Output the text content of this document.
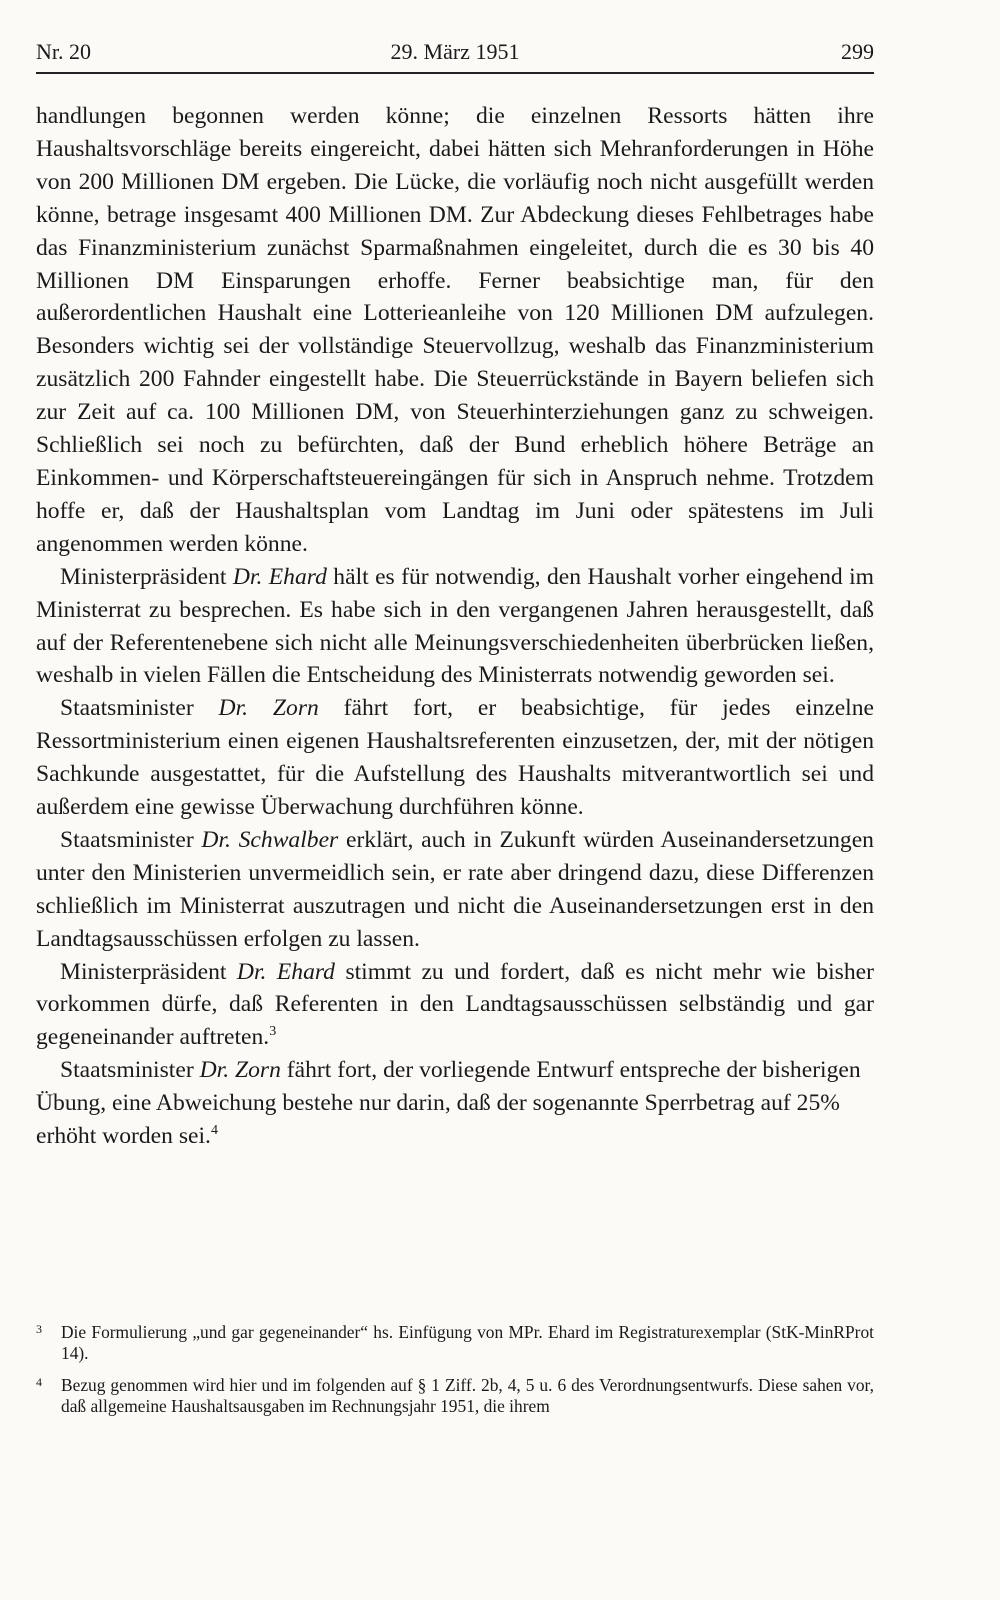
Nr. 20	29. März 1951	299

handlungen begonnen werden könne; die einzelnen Ressorts hätten ihre Haushaltsvorschläge bereits eingereicht, dabei hätten sich Mehranforderungen in Höhe von 200 Millionen DM ergeben. Die Lücke, die vorläufig noch nicht ausgefüllt werden könne, betrage insgesamt 400 Millionen DM. Zur Abdeckung dieses Fehlbetrages habe das Finanzministerium zunächst Sparmaßnahmen eingeleitet, durch die es 30 bis 40 Millionen DM Einsparungen erhoffe. Ferner beabsichtige man, für den außerordentlichen Haushalt eine Lotterieanleihe von 120 Millionen DM aufzulegen. Besonders wichtig sei der vollständige Steuervollzug, weshalb das Finanzministerium zusätzlich 200 Fahnder eingestellt habe. Die Steuerrückstände in Bayern beliefen sich zur Zeit auf ca. 100 Millionen DM, von Steuerhinterziehungen ganz zu schweigen. Schließlich sei noch zu befürchten, daß der Bund erheblich höhere Beträge an Einkommen- und Körperschaftsteuereingängen für sich in Anspruch nehme. Trotzdem hoffe er, daß der Haushaltsplan vom Landtag im Juni oder spätestens im Juli angenommen werden könne.

Ministerpräsident Dr. Ehard hält es für notwendig, den Haushalt vorher eingehend im Ministerrat zu besprechen. Es habe sich in den vergangenen Jahren herausgestellt, daß auf der Referentenebene sich nicht alle Meinungsverschiedenheiten überbrücken ließen, weshalb in vielen Fällen die Entscheidung des Ministerrats notwendig geworden sei.

Staatsminister Dr. Zorn fährt fort, er beabsichtige, für jedes einzelne Ressortministerium einen eigenen Haushaltsreferenten einzusetzen, der, mit der nötigen Sachkunde ausgestattet, für die Aufstellung des Haushalts mitverantwortlich sei und außerdem eine gewisse Überwachung durchführen könne.

Staatsminister Dr. Schwalber erklärt, auch in Zukunft würden Auseinandersetzungen unter den Ministerien unvermeidlich sein, er rate aber dringend dazu, diese Differenzen schließlich im Ministerrat auszutragen und nicht die Auseinandersetzungen erst in den Landtagsausschüssen erfolgen zu lassen.

Ministerpräsident Dr. Ehard stimmt zu und fordert, daß es nicht mehr wie bisher vorkommen dürfe, daß Referenten in den Landtagsausschüssen selbständig und gar gegeneinander auftreten.$^3$

Staatsminister Dr. Zorn fährt fort, der vorliegende Entwurf entspreche der bisherigen Übung, eine Abweichung bestehe nur darin, daß der sogenannte Sperrbetrag auf 25% erhöht worden sei.$^4$

3 Die Formulierung „und gar gegeneinander“ hs. Einfügung von MPr. Ehard im Registraturexemplar (StK-MinRProt 14).
4 Bezug genommen wird hier und im folgenden auf § 1 Ziff. 2b, 4, 5 u. 6 des Verordnungsentwurfs. Diese sahen vor, daß allgemeine Haushaltsausgaben im Rechnungsjahr 1951, die ihrem
